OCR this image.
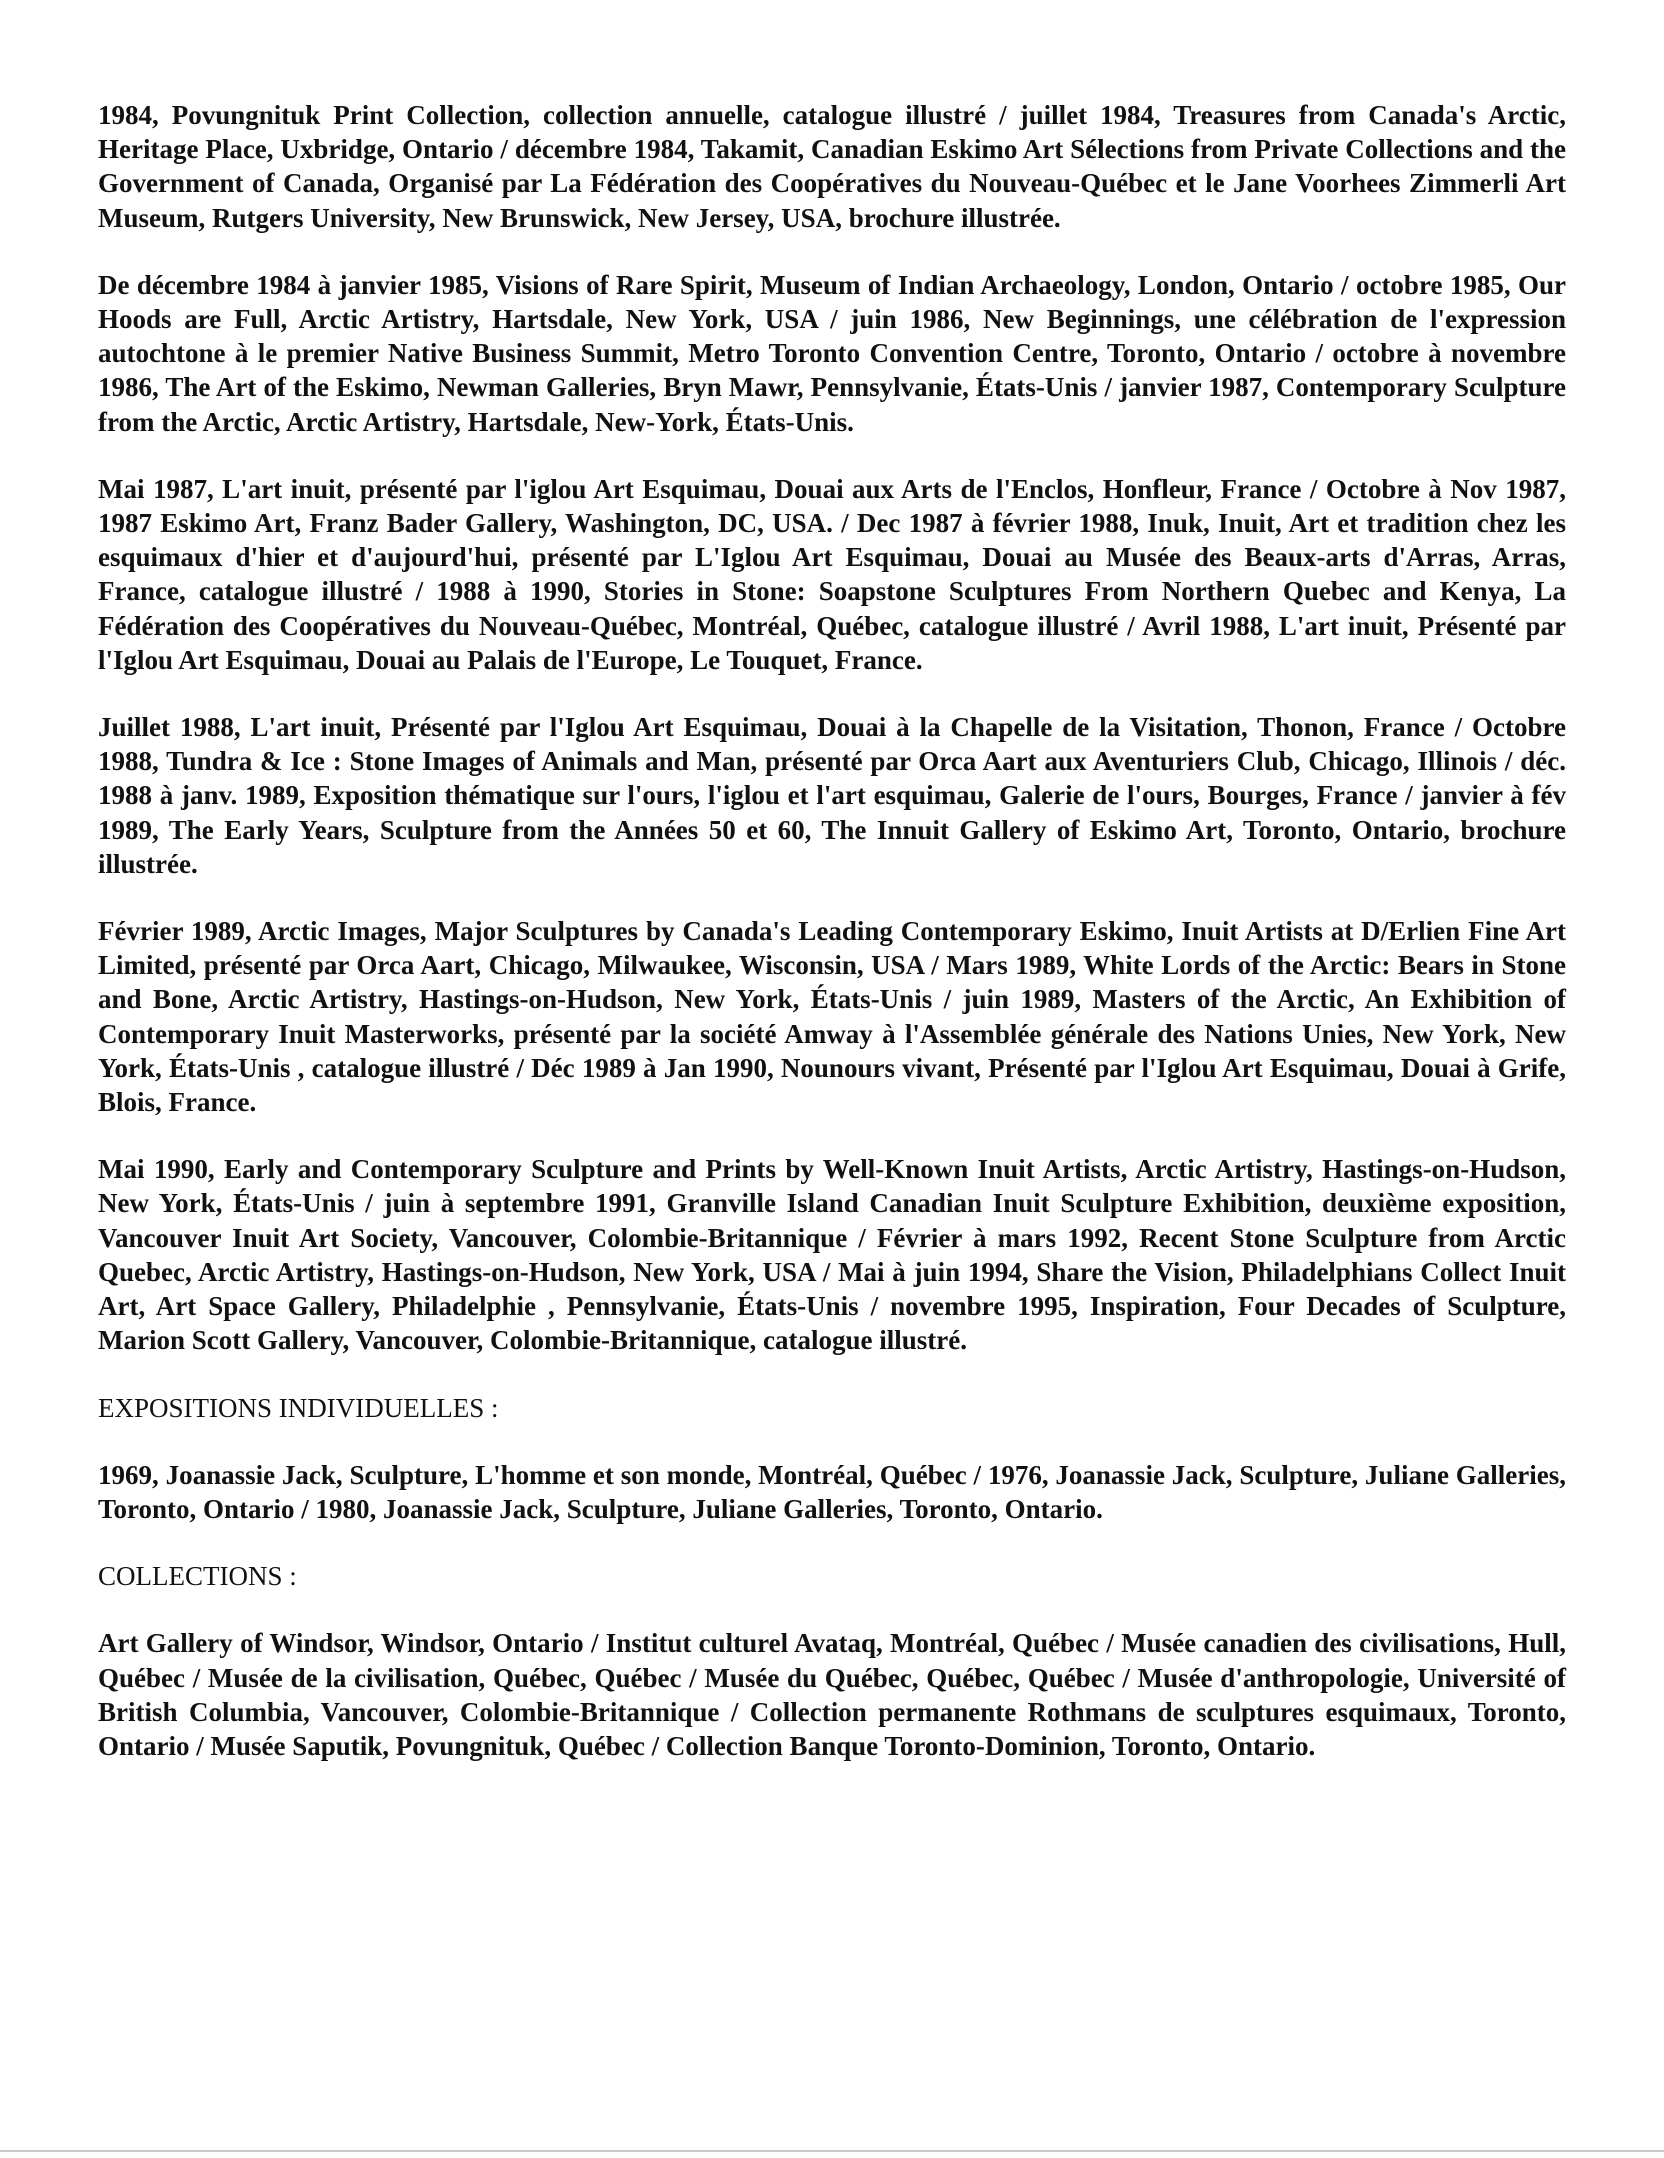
1984, Povungnituk Print Collection, collection annuelle, catalogue illustré / juillet 1984, Treasures from Canada's Arctic, Heritage Place, Uxbridge, Ontario / décembre 1984, Takamit, Canadian Eskimo Art Sélections from Private Collections and the Government of Canada, Organisé par La Fédération des Coopératives du Nouveau-Québec et le Jane Voorhees Zimmerli Art Museum, Rutgers University, New Brunswick, New Jersey, USA, brochure illustrée.

De décembre 1984 à janvier 1985, Visions of Rare Spirit, Museum of Indian Archaeology, London, Ontario / octobre 1985, Our Hoods are Full, Arctic Artistry, Hartsdale, New York, USA / juin 1986, New Beginnings, une célébration de l'expression autochtone à le premier Native Business Summit, Metro Toronto Convention Centre, Toronto, Ontario / octobre à novembre 1986, The Art of the Eskimo, Newman Galleries, Bryn Mawr, Pennsylvanie, États-Unis / janvier 1987, Contemporary Sculpture from the Arctic, Arctic Artistry, Hartsdale, New-York, États-Unis.

Mai 1987, L'art inuit, présenté par l'iglou Art Esquimau, Douai aux Arts de l'Enclos, Honfleur, France / Octobre à Nov 1987, 1987 Eskimo Art, Franz Bader Gallery, Washington, DC, USA. / Dec 1987 à février 1988, Inuk, Inuit, Art et tradition chez les esquimaux d'hier et d'aujourd'hui, présenté par L'Iglou Art Esquimau, Douai au Musée des Beaux-arts d'Arras, Arras, France, catalogue illustré / 1988 à 1990, Stories in Stone: Soapstone Sculptures From Northern Quebec and Kenya, La Fédération des Coopératives du Nouveau-Québec, Montréal, Québec, catalogue illustré / Avril 1988, L'art inuit, Présenté par l'Iglou Art Esquimau, Douai au Palais de l'Europe, Le Touquet, France.

Juillet 1988, L'art inuit, Présenté par l'Iglou Art Esquimau, Douai à la Chapelle de la Visitation, Thonon, France / Octobre 1988, Tundra & Ice : Stone Images of Animals and Man, présenté par Orca Aart aux Aventuriers Club, Chicago, Illinois / déc. 1988 à janv. 1989, Exposition thématique sur l'ours, l'iglou et l'art esquimau, Galerie de l'ours, Bourges, France / janvier à fév 1989, The Early Years, Sculpture from the Années 50 et 60, The Innuit Gallery of Eskimo Art, Toronto, Ontario, brochure illustrée.

Février 1989, Arctic Images, Major Sculptures by Canada's Leading Contemporary Eskimo, Inuit Artists at D/Erlien Fine Art Limited, présenté par Orca Aart, Chicago, Milwaukee, Wisconsin, USA / Mars 1989, White Lords of the Arctic: Bears in Stone and Bone, Arctic Artistry, Hastings-on-Hudson, New York, États-Unis / juin 1989, Masters of the Arctic, An Exhibition of Contemporary Inuit Masterworks, présenté par la société Amway à l'Assemblée générale des Nations Unies, New York, New York, États-Unis , catalogue illustré / Déc 1989 à Jan 1990, Nounours vivant, Présenté par l'Iglou Art Esquimau, Douai à Grife, Blois, France.

Mai 1990, Early and Contemporary Sculpture and Prints by Well-Known Inuit Artists, Arctic Artistry, Hastings-on-Hudson, New York, États-Unis / juin à septembre 1991, Granville Island Canadian Inuit Sculpture Exhibition, deuxième exposition, Vancouver Inuit Art Society, Vancouver, Colombie-Britannique / Février à mars 1992, Recent Stone Sculpture from Arctic Quebec, Arctic Artistry, Hastings-on-Hudson, New York, USA / Mai à juin 1994, Share the Vision, Philadelphians Collect Inuit Art, Art Space Gallery, Philadelphie , Pennsylvanie, États-Unis / novembre 1995, Inspiration, Four Decades of Sculpture, Marion Scott Gallery, Vancouver, Colombie-Britannique, catalogue illustré.

EXPOSITIONS INDIVIDUELLES :

1969, Joanassie Jack, Sculpture, L'homme et son monde, Montréal, Québec / 1976, Joanassie Jack, Sculpture, Juliane Galleries, Toronto, Ontario / 1980, Joanassie Jack, Sculpture, Juliane Galleries, Toronto, Ontario.

COLLECTIONS :

Art Gallery of Windsor, Windsor, Ontario / Institut culturel Avataq, Montréal, Québec / Musée canadien des civilisations, Hull, Québec / Musée de la civilisation, Québec, Québec / Musée du Québec, Québec, Québec / Musée d'anthropologie, Université of British Columbia, Vancouver, Colombie-Britannique / Collection permanente Rothmans de sculptures esquimaux, Toronto, Ontario / Musée Saputik, Povungnituk, Québec / Collection Banque Toronto-Dominion, Toronto, Ontario.
